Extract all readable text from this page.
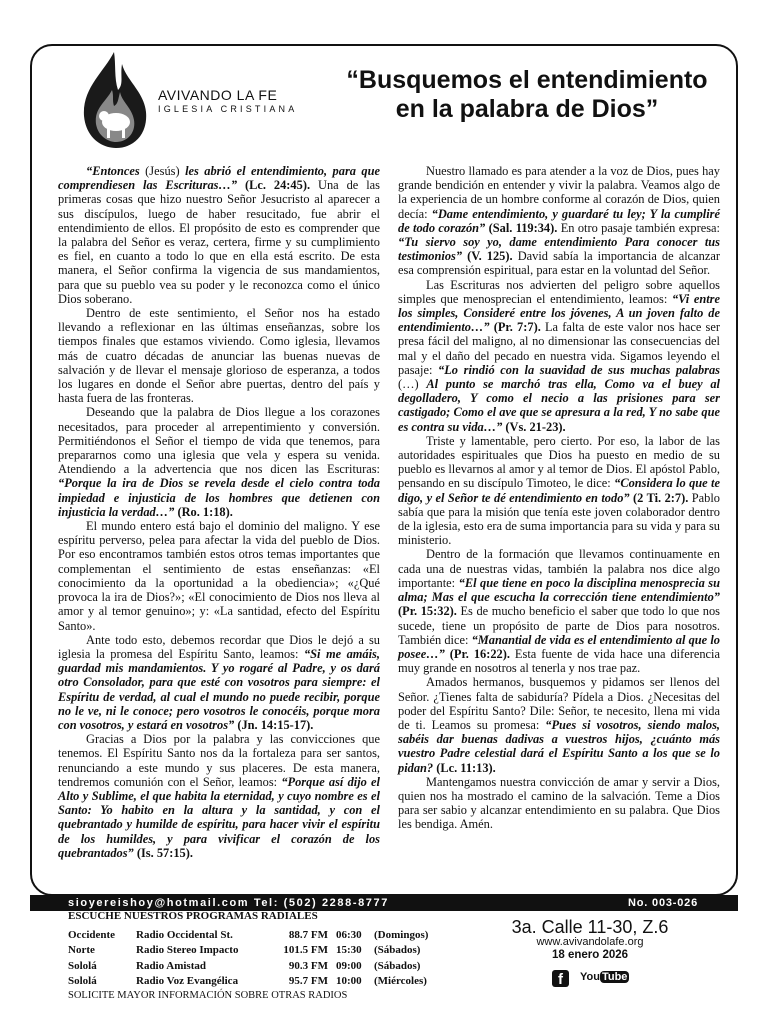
AVIVANDO LA FE
IGLESIA CRISTIANA
“Busquemos el entendimiento
en la palabra de Dios”

“Entonces (Jesús) les abrió el entendimiento, para que comprendiesen las Escrituras…” (Lc. 24:45). Una de las primeras cosas que hizo nuestro Señor Jesucristo al aparecer a sus discípulos, luego de haber resucitado, fue abrir el entendimiento de ellos. El propósito de esto es comprender que la palabra del Señor es veraz, certera, firme y su cumplimiento es fiel, en cuanto a todo lo que en ella está escrito. De esta manera, el Señor confirma la vigencia de sus mandamientos, para que su pueblo vea su poder y le reconozca como el único Dios soberano.

Dentro de este sentimiento, el Señor nos ha estado llevando a reflexionar en las últimas enseñanzas, sobre los tiempos finales que estamos viviendo. Como iglesia, llevamos más de cuatro décadas de anunciar las buenas nuevas de salvación y de llevar el mensaje glorioso de esperanza, a todos los lugares en donde el Señor abre puertas, dentro del país y hasta fuera de las fronteras.

Deseando que la palabra de Dios llegue a los corazones necesitados, para proceder al arrepentimiento y conversión. Permitiéndonos el Señor el tiempo de vida que tenemos, para prepararnos como una iglesia que vela y espera su venida. Atendiendo a la advertencia que nos dicen las Escrituras: “Porque la ira de Dios se revela desde el cielo contra toda impiedad e injusticia de los hombres que detienen con injusticia la verdad…” (Ro. 1:18).

El mundo entero está bajo el dominio del maligno. Y ese espíritu perverso, pelea para afectar la vida del pueblo de Dios. Por eso encontramos también estos otros temas importantes que complementan el sentimiento de estas enseñanzas: «El conocimiento da la oportunidad a la obediencia»; «¿Qué provoca la ira de Dios?»; «El conocimiento de Dios nos lleva al amor y al temor genuino»; y: «La santidad, efecto del Espíritu Santo».

Ante todo esto, debemos recordar que Dios le dejó a su iglesia la promesa del Espíritu Santo, leamos: “Si me amáis, guardad mis mandamientos. Y yo rogaré al Padre, y os dará otro Consolador, para que esté con vosotros para siempre: el Espíritu de verdad, al cual el mundo no puede recibir, porque no le ve, ni le conoce; pero vosotros le conocéis, porque mora con vosotros, y estará en vosotros” (Jn. 14:15-17).

Gracias a Dios por la palabra y las convicciones que tenemos. El Espíritu Santo nos da la fortaleza para ser santos, renunciando a este mundo y sus placeres. De esta manera, tendremos comunión con el Señor, leamos: “Porque así dijo el Alto y Sublime, el que habita la eternidad, y cuyo nombre es el Santo: Yo habito en la altura y la santidad, y con el quebrantado y humilde de espíritu, para hacer vivir el espíritu de los humildes, y para vivificar el corazón de los quebrantados” (Is. 57:15).

Nuestro llamado es para atender a la voz de Dios, pues hay grande bendición en entender y vivir la palabra. Veamos algo de la experiencia de un hombre conforme al corazón de Dios, quien decía: “Dame entendimiento, y guardaré tu ley; Y la cumpliré de todo corazón” (Sal. 119:34). En otro pasaje también expresa: “Tu siervo soy yo, dame entendimiento Para conocer tus testimonios” (V. 125). David sabía la importancia de alcanzar esa comprensión espiritual, para estar en la voluntad del Señor.

Las Escrituras nos advierten del peligro sobre aquellos simples que menosprecian el entendimiento, leamos: “Vi entre los simples, Consideré entre los jóvenes, A un joven falto de entendimiento…” (Pr. 7:7). La falta de este valor nos hace ser presa fácil del maligno, al no dimensionar las consecuencias del mal y el daño del pecado en nuestra vida. Sigamos leyendo el pasaje: “Lo rindió con la suavidad de sus muchas palabras (…) Al punto se marchó tras ella, Como va el buey al degolladero, Y como el necio a las prisiones para ser castigado; Como el ave que se apresura a la red, Y no sabe que es contra su vida…” (Vs. 21-23).

Triste y lamentable, pero cierto. Por eso, la labor de las autoridades espirituales que Dios ha puesto en medio de su pueblo es llevarnos al amor y al temor de Dios. El apóstol Pablo, pensando en su discípulo Timoteo, le dice: “Considera lo que te digo, y el Señor te dé entendimiento en todo” (2 Ti. 2:7). Pablo sabía que para la misión que tenía este joven colaborador dentro de la iglesia, esto era de suma importancia para su vida y para su ministerio.

Dentro de la formación que llevamos continuamente en cada una de nuestras vidas, también la palabra nos dice algo importante: “El que tiene en poco la disciplina menosprecia su alma; Mas el que escucha la corrección tiene entendimiento” (Pr. 15:32). Es de mucho beneficio el saber que todo lo que nos sucede, tiene un propósito de parte de Dios para nosotros. También dice: “Manantial de vida es el entendimiento al que lo posee…” (Pr. 16:22). Esta fuente de vida hace una diferencia muy grande en nosotros al tenerla y nos trae paz.

Amados hermanos, busquemos y pidamos ser llenos del Señor. ¿Tienes falta de sabiduría? Pídela a Dios. ¿Necesitas del poder del Espíritu Santo? Dile: Señor, te necesito, llena mi vida de ti. Leamos su promesa: “Pues si vosotros, siendo malos, sabéis dar buenas dadivas a vuestros hijos, ¿cuánto más vuestro Padre celestial dará el Espíritu Santo a los que se lo pidan? (Lc. 11:13).

Mantengamos nuestra convicción de amar y servir a Dios, quien nos ha mostrado el camino de la salvación. Teme a Dios para ser sabio y alcanzar entendimiento en su palabra. Que Dios les bendiga. Amén.

sioyereishoy@hotmail.com Tel: (502) 2288-8777	No. 003-026
ESCUCHE NUESTROS PROGRAMAS RADIALES
Occidente	Radio Occidental St.	88.7 FM	06:30	(Domingos)
Norte	Radio Stereo Impacto	101.5 FM	15:30	(Sábados)
Sololá	Radio Amistad	90.3 FM	09:00	(Sábados)
Sololá	Radio Voz Evangélica	95.7 FM	10:00	(Miércoles)
SOLICITE MAYOR INFORMACIÓN SOBRE OTRAS RADIOS
3a. Calle 11-30, Z.6
www.avivandolafe.org
18 enero 2026
f	You Tube
